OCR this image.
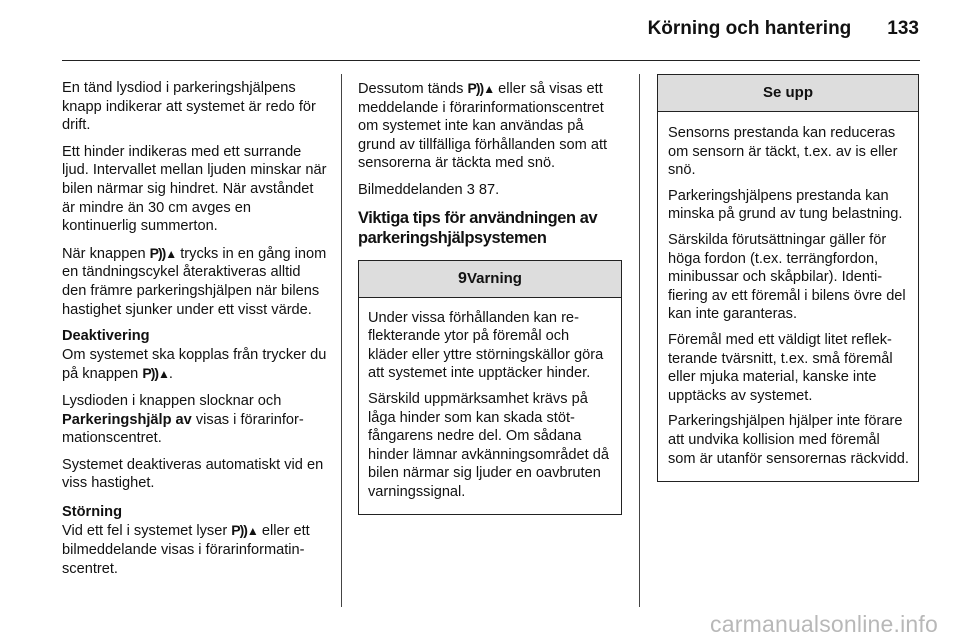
Körning och hantering 133

En tänd lysdiod i parkeringshjälpens knapp indikerar att systemet är redo för drift.

Ett hinder indikeras med ett surrande ljud. Intervallet mellan ljuden minskar när bilen närmar sig hindret. När avståndet är mindre än 30 cm avges en kontinuerlig summerton.

När knappen P))▲ trycks in en gång inom en tändningscykel återaktiveras alltid den främre parkeringshjälpen när bilens hastighet sjunker under ett visst värde.

Deaktivering

Om systemet ska kopplas från trycker du på knappen P))▲.

Lysdioden i knappen slocknar och Parkeringshjälp av visas i förarinformationscentret.

Systemet deaktiveras automatiskt vid en viss hastighet.

Störning

Vid ett fel i systemet lyser P))▲ eller ett bilmeddelande visas i förarinformatinscentret.

Dessutom tänds P))▲ eller så visas ett meddelande i förarinformationscentret om systemet inte kan användas på grund av tillfälliga förhållanden som att sensorerna är täckta med snö.

Bilmeddelanden 3 87.

Viktiga tips för användningen av parkeringshjälpsystemen
9Varning

Under vissa förhållanden kan reflekterande ytor på föremål och kläder eller yttre störningskällor göra att systemet inte upptäcker hinder.

Särskild uppmärksamhet krävs på låga hinder som kan skada stötfångarens nedre del. Om sådana hinder lämnar avkänningsområdet då bilen närmar sig ljuder en oavbruten varningssignal.

Se upp

Sensorns prestanda kan reduceras om sensorn är täckt, t.ex. av is eller snö.

Parkeringshjälpens prestanda kan minska på grund av tung belastning.

Särskilda förutsättningar gäller för höga fordon (t.ex. terrängfordon, minibussar och skåpbilar). Identifiering av ett föremål i bilens övre del kan inte garanteras.

Föremål med ett väldigt litet reflekterande tvärsnitt, t.ex. små föremål eller mjuka material, kanske inte upptäcks av systemet.

Parkeringshjälpen hjälper inte förare att undvika kollision med föremål som är utanför sensorernas räckvidd.

carmanualsonline.info
